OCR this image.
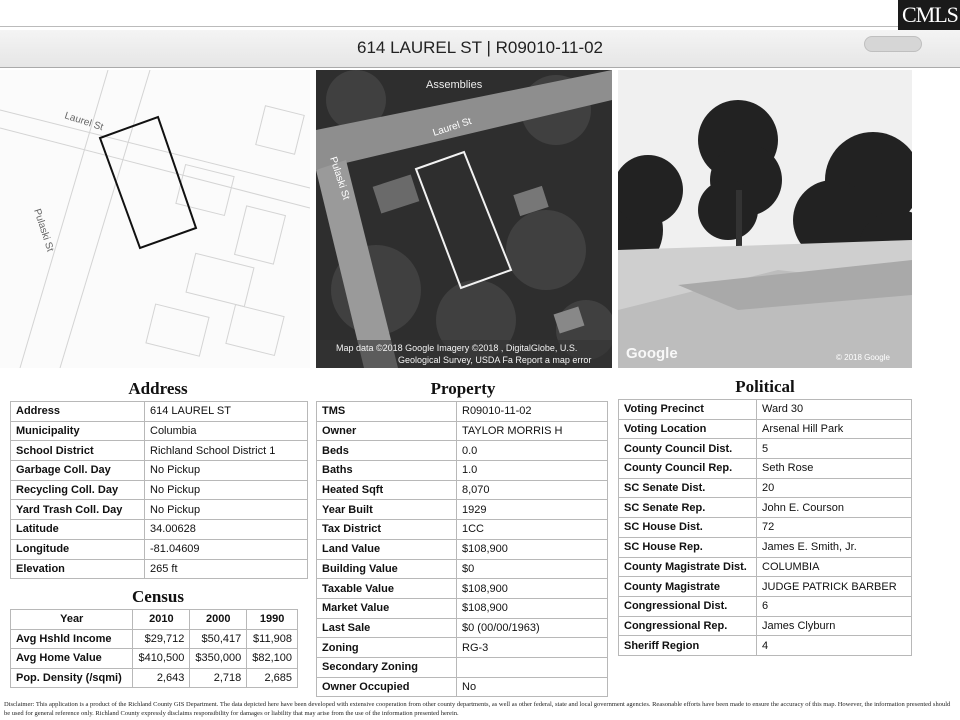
CMLS
614 LAUREL ST | R09010-11-02
Laurel St
Pulaski St
Assemblies
Laurel St
Pulaski St
Map data ©2018 Google Imagery ©2018 , DigitalGlobe, U.S.
Geological Survey, USDA Fa Report a map error Google	© 2018 Google
Address
Address	614 LAUREL ST
Municipality	Columbia
School District	Richland School District 1
Garbage Coll. Day	No Pickup
Recycling Coll. Day	No Pickup
Yard Trash Coll. Day	No Pickup
Latitude	34.00628
Longitude	-81.04609
Elevation	265 ft
Census
Year	2010	2000	1990
Avg Hshld Income	$29,712	$50,417	$11,908
Avg Home Value	$410,500	$350,000	$82,100
Pop. Density (/sqmi)	2,643	2,718	2,685
Property
TMS	R09010-11-02
Owner	TAYLOR MORRIS H
Beds	0.0
Baths	1.0
Heated Sqft	8,070
Year Built	1929
Tax District	1CC
Land Value	$108,900
Building Value	$0
Taxable Value	$108,900
Market Value	$108,900
Last Sale	$0 (00/00/1963)
Zoning	RG-3
Secondary Zoning	
Owner Occupied	No
Political
Voting Precinct	Ward 30
Voting Location	Arsenal Hill Park
County Council Dist.	5
County Council Rep.	Seth Rose
SC Senate Dist.	20
SC Senate Rep.	John E. Courson
SC House Dist.	72
SC House Rep.	James E. Smith, Jr.
County Magistrate Dist.	COLUMBIA
County Magistrate	JUDGE PATRICK BARBER
Congressional Dist.	6
Congressional Rep.	James Clyburn
Sheriff Region	4
Disclaimer: This application is a product of the Richland County GIS Department. The data depicted here have been developed with extensive cooperation from other county departments, as well as other federal, state and local government agencies. Reasonable efforts have been made to ensure the accuracy of this map. However, the information presented should be used for general reference only. Richland County expressly disclaims responsibility for damages or liability that may arise from the use of the information presented herein.
